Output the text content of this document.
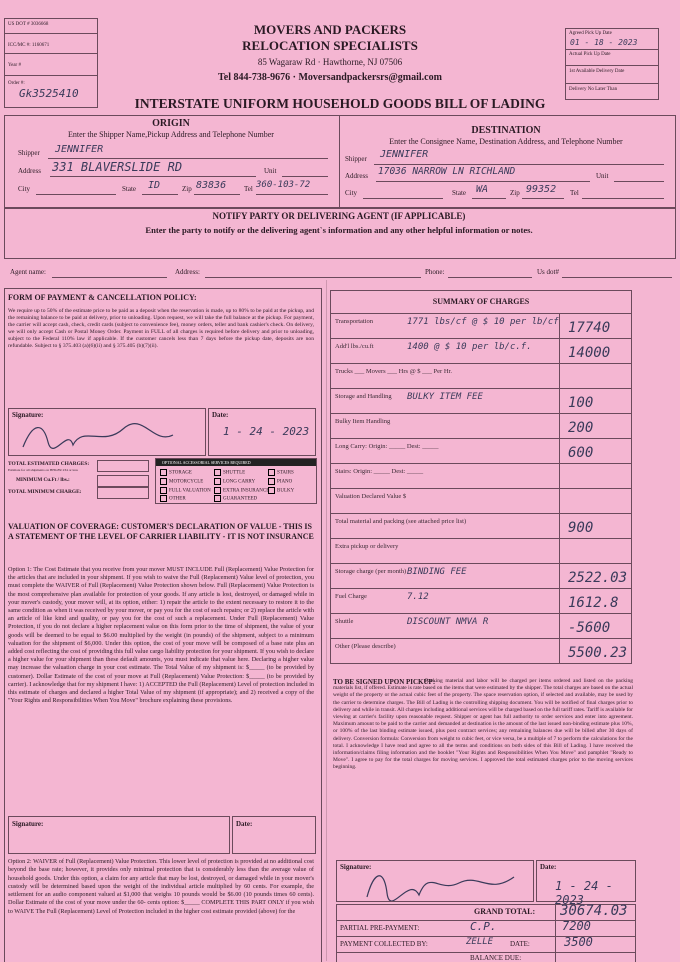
US DOT # 3036668
ICC/MC #: 1160671
Year #
Order #:
Gk3525410
MOVERS AND PACKERS
RELOCATION SPECIALISTS
85 Wagaraw Rd · Hawthorne, NJ 07506
Tel 844-738-9676 · Moversandpackersrs@gmail.com
Agreed Pick Up Date
01 - 18 - 2023
Actual Pick Up Date
1st Available Delivery Date
Delivery No Later Than
INTERSTATE UNIFORM HOUSEHOLD GOODS BILL OF LADING
ORIGIN
Enter the Shipper Name,Pickup Address and Telephone Number
Shipper JENNIFER
Address 331 BLAVERSLIDE RD	Unit
City	State ID	Zip 83836	Tel 360-103-72
DESTINATION
Enter the Consignee Name, Destination Address, and Telephone Number
Shipper JENNIFER
Address 17036 NARROW LN RICHLAND	Unit
City	State WA	Zip 99352 Tel
NOTIFY PARTY OR DELIVERING AGENT (IF APPLICABLE)
Enter the party to notify or the delivering agent`s information and any other helpful information or notes.
Agent name:	Address:	Phone:	Us dot#
FORM OF PAYMENT & CANCELLATION POLICY:
We require up to 50% of the estimate price to be paid as a deposit when the reservation is made, up to 80% to be paid at the pickup, and the remaining balance to be paid at delivery, prior to unloading. Upon request, we will take the full balance at the pickup. For payment, the carrier will accept cash, check, credit cards (subject to convenience fee), money orders, teller and bank cashier's check. On delivery, we will only accept Cash or Postal Money Order. Payment in FULL of all charges is required before delivery and prior to unloading, subject to the Federal 110% law if applicable. If the customer cancels less than 7 days before the pickup date, deposits are non refundable. Subject to § 375.403 (a)(6)(ii) and § 375.405 (b)(7)(ii).
Signature:	Date:
1 - 24 - 2023
TOTAL ESTIMATED CHARGES:
Estimate for all shipments on HHGFR 234 or less
MINIMUM Cu.Ft / lbs.:
TOTAL MINIMUM CHARGE:
OPTIONAL ACCESSORIAL SERVICES REQUIRED
STORAGE	SHUTTLE	STAIRS
MOTORCYCLE	LONG CARRY	PIANO
FULL VALUATION	EXTRA INSURANCE	BULKY
OTHER	GUARANTEED
VALUATION OF COVERAGE: CUSTOMER'S DECLARATION OF VALUE - THIS IS A STATEMENT OF THE LEVEL OF CARRIER LIABILITY - IT IS NOT INSURANCE
Option 1: The Cost Estimate that you receive from your mover MUST INCLUDE Full (Replacement) Value Protection for the articles that are included in your shipment. If you wish to waive the Full (Replacement) Value level of protection, you must complete the WAIVER of Full (Replacement) Value Protection shown below. Full (Replacement) Value Protection is the most comprehensive plan available for protection of your goods. If any article is lost, destroyed, or damaged while in your mover's custody, your mover will, at its option, either: 1) repair the article to the extent necessary to restore it to the same condition as when it was received by your mover, or pay you for the cost of such repairs; or 2) replace the article with an article of like kind and quality, or pay you for the cost of such a replacement. Under Full (Replacement) Value Protection, if you do not declare a higher replacement value on this form prior to the time of shipment, the value of your goods will be deemed to be equal to $6.00 multiplied by the weight (in pounds) of the shipment, subject to a minimum valuation for the shipment of $6,000. Under this option, the cost of your move will be composed of a base rate plus an added cost reflecting the cost of providing this full value cargo liability protection for your shipment. If you wish to declare a higher value for your shipment than these default amounts, you must indicate that value here. Declaring a higher value may increase the valuation charge in your cost estimate. The Total Value of my shipment is: $_____ (to be provided by customer). Dollar Estimate of the cost of your move at Full (Replacement) Value Protection: $_____ (to be provided by carrier). I acknowledge that for my shipment I have: 1) ACCEPTED the Full (Replacement) Level of protection included in this estimate of charges and declared a higher Total Value of my shipment (if appropriate); and 2) received a copy of the "Your Rights and Responsibilities When You Move" brochure explaining these provisions.
Signature:	Date:
Option 2: WAIVER of Full (Replacement) Value Protection. This lower level of protection is provided at no additional cost beyond the base rate; however, it provides only minimal protection that is considerably less than the average value of household goods. Under this option, a claim for any article that may be lost, destroyed, or damaged while in your mover's custody will be determined based upon the weight of the individual article multiplied by 60 cents. For example, the settlement for an audio component valued at $1,000 that weighs 10 pounds would be $6.00 (10 pounds times 60 cents). Dollar Estimate of the cost of your move under the 60- cents option: $_____ COMPLETE THIS PART ONLY if you wish to WAIVE The Full (Replacement) Level of Protection included in the higher cost estimate provided (above) for the
SUMMARY OF CHARGES
Transportation	1771 lbs/cf @ $ 10 per lb/cf 17740
Add'l lbs./cu.ft	1400 @ $ 10 per lb/c.f.	14000
Trucks ___ Movers ___ Hrs @ $ ___ Per Hr.
Storage and Handling BULKY ITEM FEE	100
Bulky Item Handling	200
Long Carry: Origin: _____ Dest: _____	600
Stairs: Origin: _____ Dest: _____
Valuation Declared Value $
Total material and packing (see attached price list)	900
Extra pickup or delivery
Storage charge (per month) BINDING FEE	2522.03
Fuel Charge	7.12	1612.8
Shuttle	DISCOUNT NMVA R	-5600
Other (Please describe)	5500.23
TO BE SIGNED UPON PICKUP:
Packing material and labor will be charged per items ordered and listed on the packing materials list, if offered. Estimate is rate based on the items that were estimated by the shipper. The total charges are based on the actual weight of the property or the actual cubic feet of the property. The space reservation option, if selected and available, may be used by the carrier to determine charges. The Bill of Lading is the controlling shipping document. You will be notified of final charges prior to delivery and while in transit. All charges including additional services will be charged based on the full tariff rates. Tariff is available for viewing at carrier's facility upon reasonable request. Shipper or agent has full authority to order services and enter into agreement. Maximum amount to be paid to the carrier and demanded at destination is the amount of the last issued non-binding estimate plus 10%, or 100% of the last binding estimate issued, plus post contract services; any remaining balances due will be billed after 30 days of delivery. Conversion formula: Conversion from weight to cubic feet, or vice versa, be a multiple of 7 to perform the calculations for the total. I acknowledge I have read and agree to all the terms and conditions on both sides of this Bill of Lading. I have received the information/claims filing information and the booklet "Your Rights and Responsibilities When You Move" and pamphlet "Ready to Move". I agree to pay for the total charges for moving services. I approved the total estimated charges prior to the moving services beginning.
Signature:	Date:
1 - 24 - 2023
GRAND TOTAL: 30674.03
PARTIAL PRE-PAYMENT:	C.P.	7200
PAYMENT COLLECTED BY:	ZELLE DATE:	3500
BALANCE DUE:
